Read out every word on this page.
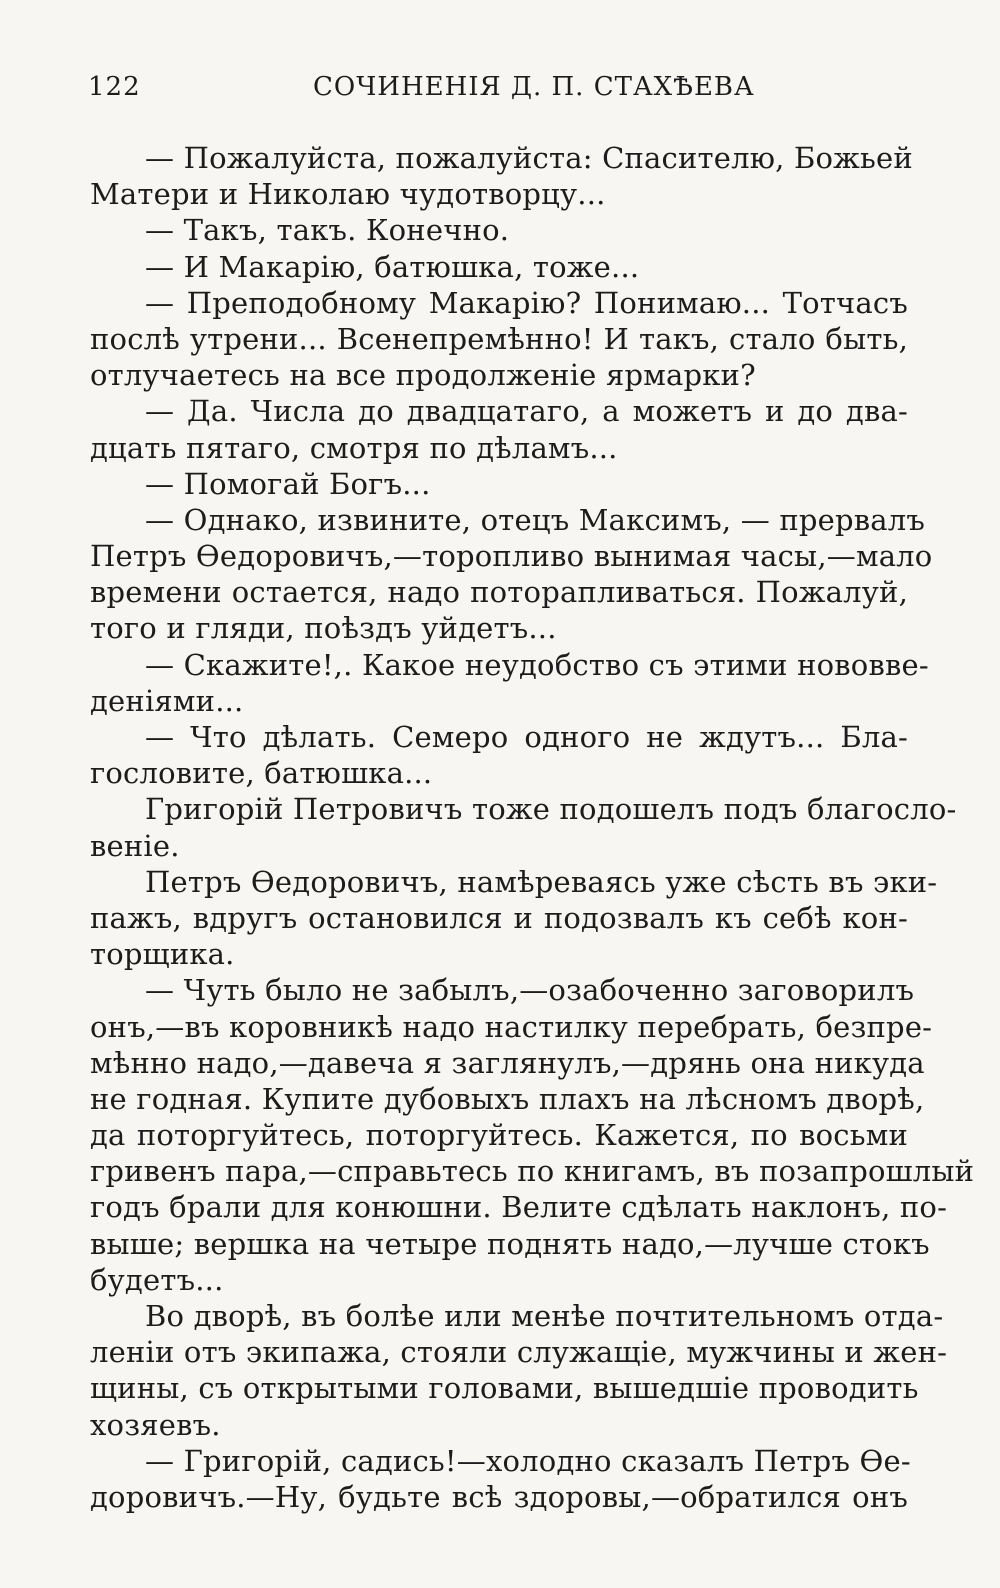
122	СОЧИНЕНІЯ Д. П. СТАХѢЕВА
— Пожалуйста, пожалуйста: Спасителю, Божьей
Матери и Николаю чудотворцу...
— Такъ, такъ. Конечно.
— И Макарію, батюшка, тоже...
— Преподобному Макарію? Понимаю... Тотчасъ
послѣ утрени... Всенепремѣнно! И такъ, стало быть,
отлучаетесь на все продолженіе ярмарки?
— Да. Числа до двадцатаго, а можетъ и до два-
дцать пятаго, смотря по дѣламъ...
— Помогай Богъ...
— Однако, извините, отецъ Максимъ, — прервалъ
Петръ Ѳедоровичъ,—торопливо вынимая часы,—мало
времени остается, надо поторапливаться. Пожалуй,
того и гляди, поѣздъ уйдетъ...
— Скажите!,. Какое неудобство съ этими нововве-
деніями...
— Что дѣлать. Семеро одного не ждутъ... Бла-
гословите, батюшка...
Григорій Петровичъ тоже подошелъ подъ благосло-
веніе.
Петръ Ѳедоровичъ, намѣреваясь уже сѣсть въ эки-
пажъ, вдругъ остановился и подозвалъ къ себѣ кон-
торщика.
— Чуть было не забылъ,—озабоченно заговорилъ
онъ,—въ коровникѣ надо настилку перебрать, безпре-
мѣнно надо,—давеча я заглянулъ,—дрянь она никуда
не годная. Купите дубовыхъ плахъ на лѣсномъ дворѣ,
да поторгуйтесь, поторгуйтесь. Кажется, по восьми
гривенъ пара,—справьтесь по книгамъ, въ позапрошлый
годъ брали для конюшни. Велите сдѣлать наклонъ, по-
выше; вершка на четыре поднять надо,—лучше стокъ
будетъ...
Во дворѣ, въ болѣе или менѣе почтительномъ отда-
леніи отъ экипажа, стояли служащіе, мужчины и жен-
щины, съ открытыми головами, вышедшіе проводить
хозяевъ.
— Григорій, садись!—холодно сказалъ Петръ Ѳе-
доровичъ.—Ну, будьте всѣ здоровы,—обратился онъ
